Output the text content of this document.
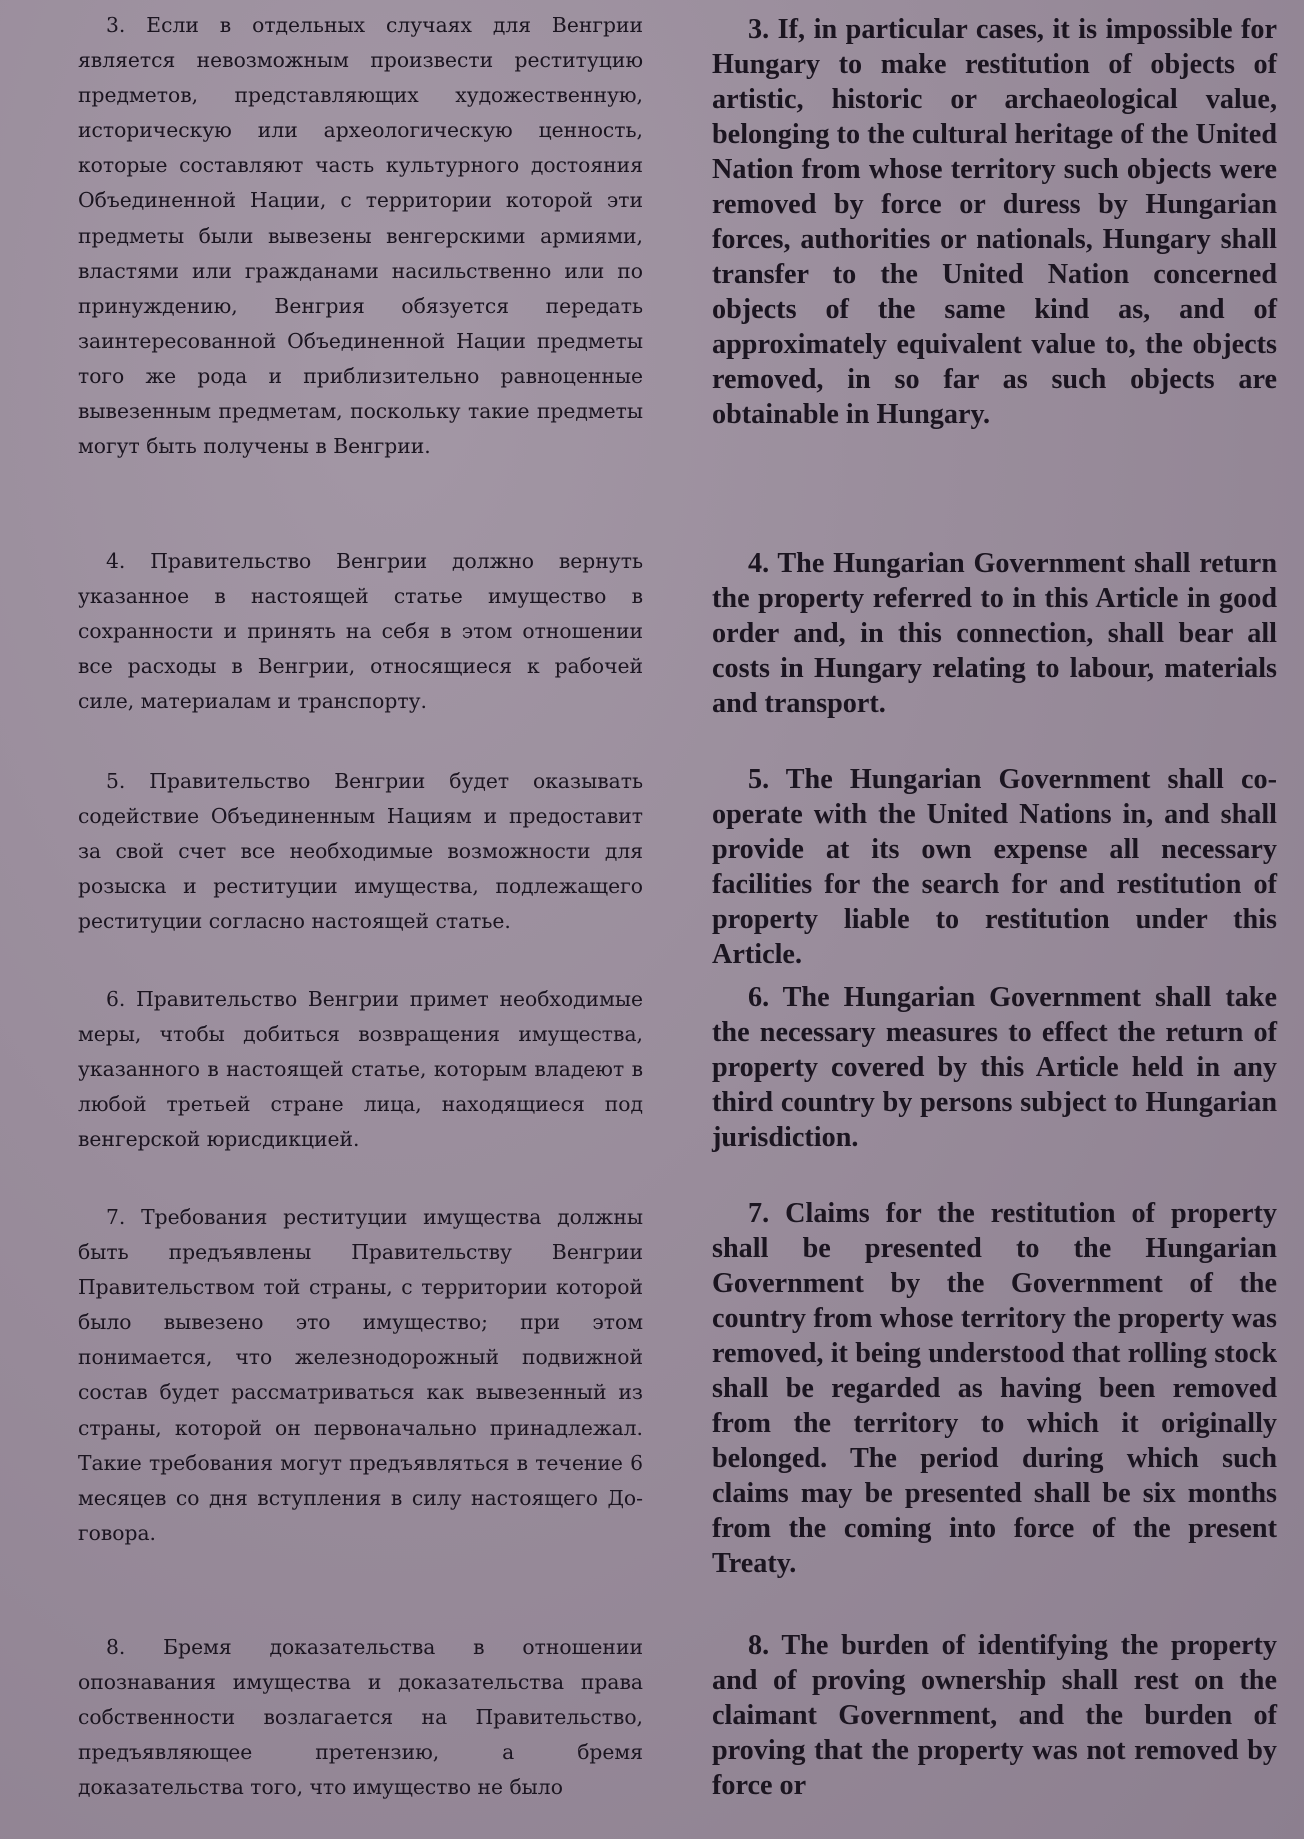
3. Если в отдельных случаях для Венгрии является невозможным произвести реституцию предметов, представляющих художественную, историческую или археологическую ценность, которые составляют часть культурного достояния Объединенной Нации, с территории которой эти предметы были вывезены венгерскими армиями, властями или гражданами насильственно или по принуждению, Венгрия обязуется передать заинтересованной Объединенной Нации предметы того же рода и приблизительно равноценные вывезенным предметам, поскольку такие предметы могут быть получены в Венгрии.

4. Правительство Венгрии должно вернуть указанное в настоящей статье имущество в сохранности и принять на себя в этом отношении все расходы в Венгрии, относящиеся к рабочей силе, материалам и транспорту.

5. Правительство Венгрии будет оказывать содействие Объединенным Нациям и предоставит за свой счет все необходимые возможности для розыска и реституции имущества, подлежащего реституции согласно настоящей статье.

6. Правительство Венгрии примет необходимые меры, чтобы добиться возвращения имущества, указанного в настоящей статье, которым владеют в любой третьей стране лица, находящиеся под венгерской юрисдикцией.

7. Требования реституции имущества должны быть предъявлены Правительству Венгрии Правительством той страны, с территории которой было вывезено это имущество; при этом понимается, что железнодорожный подвижной состав будет рассматриваться как вывезенный из страны, которой он первоначально принадлежал. Такие требования могут предъявляться в течение 6 месяцев со дня вступления в силу настоящего Договора.

8. Бремя доказательства в отношении опознавания имущества и доказательства права собственности возлагается на Правительство, предъявляющее претензию, а бремя доказательства того, что имущество не было

3. If, in particular cases, it is impossible for Hungary to make restitution of objects of artistic, historic or archaeological value, belonging to the cultural heritage of the United Nation from whose territory such objects were removed by force or duress by Hungarian forces, authorities or nationals, Hungary shall transfer to the United Nation concerned objects of the same kind as, and of approximately equivalent value to, the objects removed, in so far as such objects are obtainable in Hungary.

4. The Hungarian Government shall return the property referred to in this Article in good order and, in this connection, shall bear all costs in Hungary relating to labour, materials and transport.

5. The Hungarian Government shall co-operate with the United Nations in, and shall provide at its own expense all necessary facilities for the search for and restitution of property liable to restitution under this Article.

6. The Hungarian Government shall take the necessary measures to effect the return of property covered by this Article held in any third country by persons subject to Hungarian jurisdiction.

7. Claims for the restitution of property shall be presented to the Hungarian Government by the Government of the country from whose territory the property was removed, it being understood that rolling stock shall be regarded as having been removed from the territory to which it originally belonged. The period during which such claims may be presented shall be six months from the coming into force of the present Treaty.

8. The burden of identifying the property and of proving ownership shall rest on the claimant Government, and the burden of proving that the property was not removed by force or
